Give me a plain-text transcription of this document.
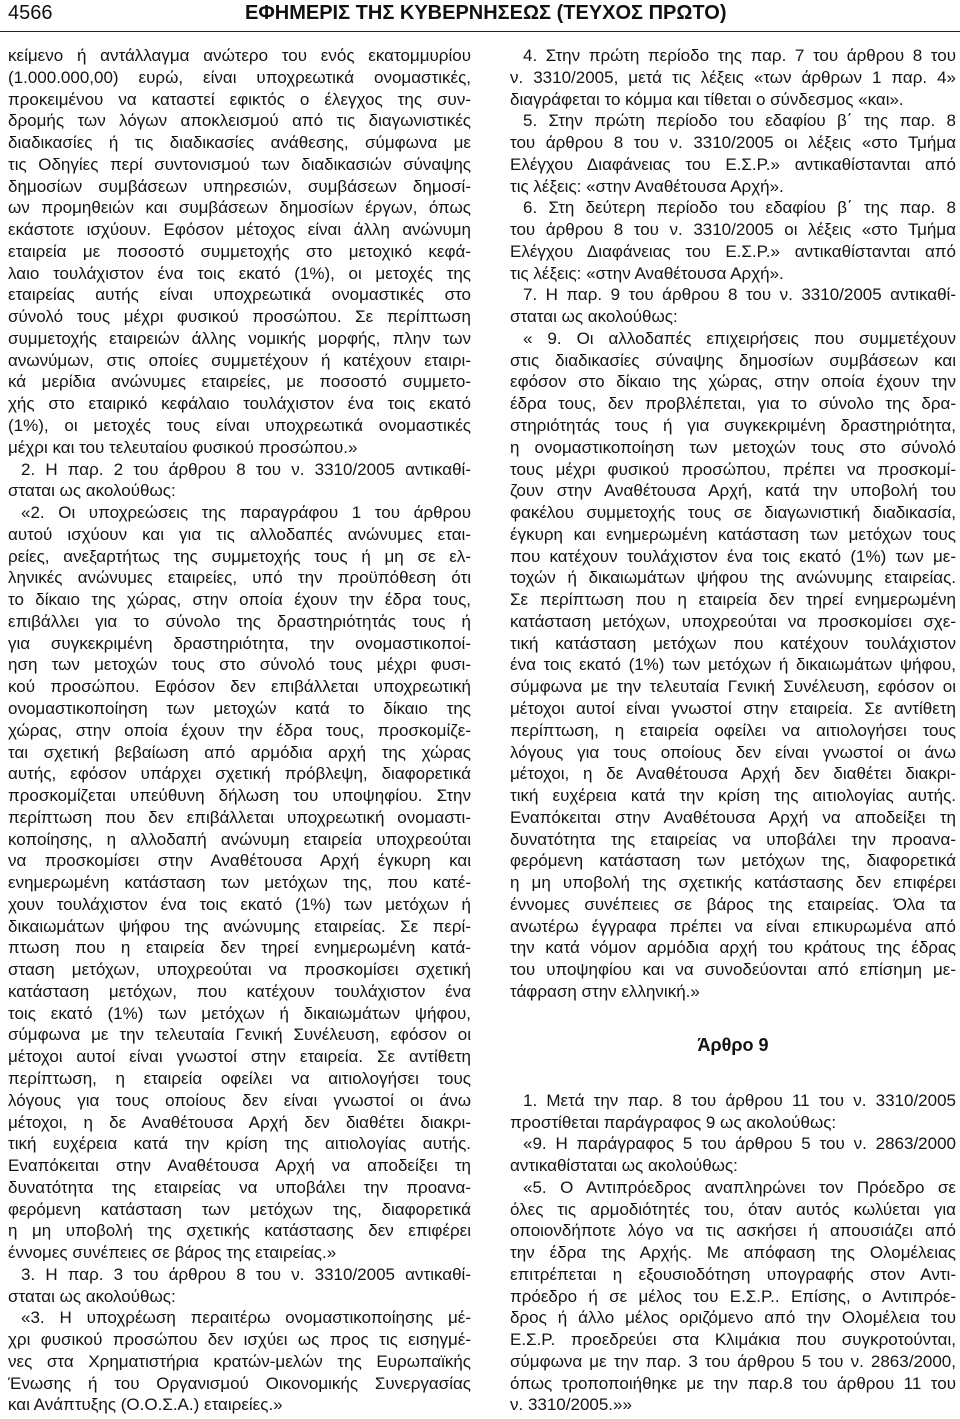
4566	ΕΦΗΜΕΡΙΣ ΤΗΣ ΚΥΒΕΡΝΗΣΕΩΣ (ΤΕΥΧΟΣ ΠΡΩΤΟ)
κείμενο ή αντάλλαγμα ανώτερο του ενός εκατομμυρίου
(1.000.000,00) ευρώ, είναι υποχρεωτικά ονομαστικές,
προκειμένου να καταστεί εφικτός ο έλεγχος της συν-
δρομής των λόγων αποκλεισμού από τις διαγωνιστικές
διαδικασίες ή τις διαδικασίες ανάθεσης, σύμφωνα με
τις Οδηγίες περί συντονισμού των διαδικασιών σύναψης
δημοσίων συμβάσεων υπηρεσιών, συμβάσεων δημοσί-
ων προμηθειών και συμβάσεων δημοσίων έργων, όπως
εκάστοτε ισχύουν. Εφόσον μέτοχος είναι άλλη ανώνυμη
εταιρεία με ποσοστό συμμετοχής στο μετοχικό κεφά-
λαιο τουλάχιστον ένα τοις εκατό (1%), οι μετοχές της
εταιρείας αυτής είναι υποχρεωτικά ονομαστικές στο
σύνολό τους μέχρι φυσικού προσώπου. Σε περίπτωση
συμμετοχής εταιρειών άλλης νομικής μορφής, πλην των
ανωνύμων, στις οποίες συμμετέχουν ή κατέχουν εταιρι-
κά μερίδια ανώνυμες εταιρείες, με ποσοστό συμμετο-
χής στο εταιρικό κεφάλαιο τουλάχιστον ένα τοις εκατό
(1%), οι μετοχές τους είναι υποχρεωτικά ονομαστικές
μέχρι και του τελευταίου φυσικού προσώπου.»
2. Η παρ. 2 του άρθρου 8 του ν. 3310/2005 αντικαθί-
σταται ως ακολούθως:
«2. Οι υποχρεώσεις της παραγράφου 1 του άρθρου
αυτού ισχύουν και για τις αλλοδαπές ανώνυμες εται-
ρείες, ανεξαρτήτως της συμμετοχής τους ή μη σε ελ-
ληνικές ανώνυμες εταιρείες, υπό την προϋπόθεση ότι
το δίκαιο της χώρας, στην οποία έχουν την έδρα τους,
επιβάλλει για το σύνολο της δραστηριότητάς τους ή
για συγκεκριμένη δραστηριότητα, την ονομαστικοποί-
ηση των μετοχών τους στο σύνολό τους μέχρι φυσι-
κού προσώπου. Εφόσον δεν επιβάλλεται υποχρεωτική
ονομαστικοποίηση των μετοχών κατά το δίκαιο της
χώρας, στην οποία έχουν την έδρα τους, προσκομίζε-
ται σχετική βεβαίωση από αρμόδια αρχή της χώρας
αυτής, εφόσον υπάρχει σχετική πρόβλεψη, διαφορετικά
προσκομίζεται υπεύθυνη δήλωση του υποψηφίου. Στην
περίπτωση που δεν επιβάλλεται υποχρεωτική ονομαστι-
κοποίησης, η αλλοδαπή ανώνυμη εταιρεία υποχρεούται
να προσκομίσει στην Αναθέτουσα Αρχή έγκυρη και
ενημερωμένη κατάσταση των μετόχων της, που κατέ-
χουν τουλάχιστον ένα τοις εκατό (1%) των μετόχων ή
δικαιωμάτων ψήφου της ανώνυμης εταιρείας. Σε περί-
πτωση που η εταιρεία δεν τηρεί ενημερωμένη κατά-
σταση μετόχων, υποχρεούται να προσκομίσει σχετική
κατάσταση μετόχων, που κατέχουν τουλάχιστον ένα
τοις εκατό (1%) των μετόχων ή δικαιωμάτων ψήφου,
σύμφωνα με την τελευταία Γενική Συνέλευση, εφόσον οι
μέτοχοι αυτοί είναι γνωστοί στην εταιρεία. Σε αντίθετη
περίπτωση, η εταιρεία οφείλει να αιτιολογήσει τους
λόγους για τους οποίους δεν είναι γνωστοί οι άνω
μέτοχοι, η δε Αναθέτουσα Αρχή δεν διαθέτει διακρι-
τική ευχέρεια κατά την κρίση της αιτιολογίας αυτής.
Εναπόκειται στην Αναθέτουσα Αρχή να αποδείξει τη
δυνατότητα της εταιρείας να υποβάλει την προανα-
φερόμενη κατάσταση των μετόχων της, διαφορετικά
η μη υποβολή της σχετικής κατάστασης δεν επιφέρει
έννομες συνέπειες σε βάρος της εταιρείας.»
3. Η παρ. 3 του άρθρου 8 του ν. 3310/2005 αντικαθί-
σταται ως ακολούθως:
«3. Η υποχρέωση περαιτέρω ονομαστικοποίησης μέ-
χρι φυσικού προσώπου δεν ισχύει ως προς τις εισηγμέ-
νες στα Χρηματιστήρια κρατών-μελών της Ευρωπαϊκής
Ένωσης ή του Οργανισμού Οικονομικής Συνεργασίας
και Ανάπτυξης (Ο.Ο.Σ.Α.) εταιρείες.»
4. Στην πρώτη περίοδο της παρ. 7 του άρθρου 8 του
ν. 3310/2005, μετά τις λέξεις «των άρθρων 1 παρ. 4»
διαγράφεται το κόμμα και τίθεται ο σύνδεσμος «και».
5. Στην πρώτη περίοδο του εδαφίου β΄ της παρ. 8
του άρθρου 8 του ν. 3310/2005 οι λέξεις «στο Τμήμα
Ελέγχου Διαφάνειας του Ε.Σ.Ρ.» αντικαθίστανται από
τις λέξεις: «στην Αναθέτουσα Αρχή».
6. Στη δεύτερη περίοδο του εδαφίου β΄ της παρ. 8
του άρθρου 8 του ν. 3310/2005 οι λέξεις «στο Τμήμα
Ελέγχου Διαφάνειας του Ε.Σ.Ρ.» αντικαθίστανται από
τις λέξεις: «στην Αναθέτουσα Αρχή».
7. Η παρ. 9 του άρθρου 8 του ν. 3310/2005 αντικαθί-
σταται ως ακολούθως:
« 9. Οι αλλοδαπές επιχειρήσεις που συμμετέχουν
στις διαδικασίες σύναψης δημοσίων συμβάσεων και
εφόσον στο δίκαιο της χώρας, στην οποία έχουν την
έδρα τους, δεν προβλέπεται, για το σύνολο της δρα-
στηριότητάς τους ή για συγκεκριμένη δραστηριότητα,
η ονομαστικοποίηση των μετοχών τους στο σύνολό
τους μέχρι φυσικού προσώπου, πρέπει να προσκομί-
ζουν στην Αναθέτουσα Αρχή, κατά την υποβολή του
φακέλου συμμετοχής τους σε διαγωνιστική διαδικασία,
έγκυρη και ενημερωμένη κατάσταση των μετόχων τους
που κατέχουν τουλάχιστον ένα τοις εκατό (1%) των με-
τοχών ή δικαιωμάτων ψήφου της ανώνυμης εταιρείας.
Σε περίπτωση που η εταιρεία δεν τηρεί ενημερωμένη
κατάσταση μετόχων, υποχρεούται να προσκομίσει σχε-
τική κατάσταση μετόχων που κατέχουν τουλάχιστον
ένα τοις εκατό (1%) των μετόχων ή δικαιωμάτων ψήφου,
σύμφωνα με την τελευταία Γενική Συνέλευση, εφόσον οι
μέτοχοι αυτοί είναι γνωστοί στην εταιρεία. Σε αντίθετη
περίπτωση, η εταιρεία οφείλει να αιτιολογήσει τους
λόγους για τους οποίους δεν είναι γνωστοί οι άνω
μέτοχοι, η δε Αναθέτουσα Αρχή δεν διαθέτει διακρι-
τική ευχέρεια κατά την κρίση της αιτιολογίας αυτής.
Εναπόκειται στην Αναθέτουσα Αρχή να αποδείξει τη
δυνατότητα της εταιρείας να υποβάλει την προανα-
φερόμενη κατάσταση των μετόχων της, διαφορετικά
η μη υποβολή της σχετικής κατάστασης δεν επιφέρει
έννομες συνέπειες σε βάρος της εταιρείας. Όλα τα
ανωτέρω έγγραφα πρέπει να είναι επικυρωμένα από
την κατά νόμον αρμόδια αρχή του κράτους της έδρας
του υποψηφίου και να συνοδεύονται από επίσημη με-
τάφραση στην ελληνική.»
Άρθρο 9
1. Μετά την παρ. 8 του άρθρου 11 του ν. 3310/2005
προστίθεται παράγραφος 9 ως ακολούθως:
«9. Η παράγραφος 5 του άρθρου 5 του ν. 2863/2000
αντικαθίσταται ως ακολούθως:
«5. Ο Αντιπρόεδρος αναπληρώνει τον Πρόεδρο σε
όλες τις αρμοδιότητές του, όταν αυτός κωλύεται για
οποιονδήποτε λόγο να τις ασκήσει ή απουσιάζει από
την έδρα της Αρχής. Με απόφαση της Ολομέλειας
επιτρέπεται η εξουσιοδότηση υπογραφής στον Αντι-
πρόεδρο ή σε μέλος του Ε.Σ.Ρ.. Επίσης, ο Αντιπρόε-
δρος ή άλλο μέλος οριζόμενο από την Ολομέλεια του
Ε.Σ.Ρ. προεδρεύει στα Κλιμάκια που συγκροτούνται,
σύμφωνα με την παρ. 3 του άρθρου 5 του ν. 2863/2000,
όπως τροποποιήθηκε με την παρ.8 του άρθρου 11 του
ν. 3310/2005.»»
